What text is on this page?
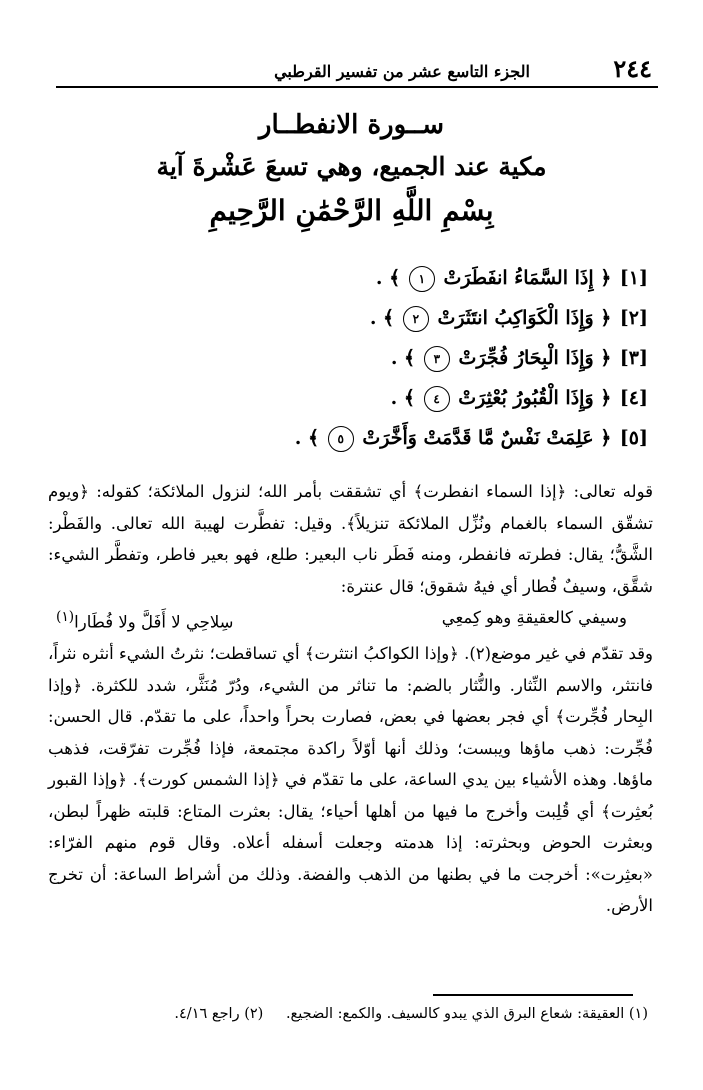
٢٤٤
الجزء التاسع عشر من تفسير القرطبي
ســورة الانفطــار
مكية عند الجميع، وهي تسعَ عَشْرةَ آية
بِسْمِ اللَّهِ الرَّحْمَٰنِ الرَّحِيمِ
[١] ﴿ إِذَا السَّمَاءُ انفَطَرَتْ ١ ﴾ .
[٢] ﴿ وَإِذَا الْكَوَاكِبُ انتَثَرَتْ ٢ ﴾ .
[٣] ﴿ وَإِذَا الْبِحَارُ فُجِّرَتْ ٣ ﴾ .
[٤] ﴿ وَإِذَا الْقُبُورُ بُعْثِرَتْ ٤ ﴾ .
[٥] ﴿ عَلِمَتْ نَفْسٌ مَّا قَدَّمَتْ وَأَخَّرَتْ ٥ ﴾ .

قوله تعالى: ﴿إذا السماء انفطرت﴾ أي تشققت بأمر الله؛ لنزول الملائكة؛ كقوله: ﴿ويوم تشقّق السماء بالغمام ونُزِّل الملائكة تنزيلاً﴾. وقيل: تفطَّرت لهيبة الله تعالى. والفَطْر: الشَّقُّ؛ يقال: فطرته فانفطر، ومنه فَطَر ناب البعير: طلع، فهو بعير فاطر، وتفطَّر الشيء: شقَّق، وسيفٌ فُطار أي فيهُ شقوق؛ قال عنترة:

وسيفي كالعقيقةِ وهو كِمعِي
سِلاحِي لا أَفَلَّ ولا فُطَارا$^{(١)}$

وقد تقدّم في غير موضع(٢). ﴿وإذا الكواكبُ انتثرت﴾ أي تساقطت؛ نثرتُ الشيء أنثره نثراً، فانتثر، والاسم النِّثار. والنُّثار بالضم: ما تناثر من الشيء، ودُرّ مُنَثَّر، شدد للكثرة. ﴿وإذا البِحار فُجِّرت﴾ أي فجر بعضها في بعض، فصارت بحراً واحداً، على ما تقدّم. قال الحسن: فُجِّرت: ذهب ماؤها ويبست؛ وذلك أنها أوّلاً راكدة مجتمعة، فإذا فُجِّرت تفرّقت، فذهب ماؤها. وهذه الأشياء بين يدي الساعة، على ما تقدّم في ﴿إذا الشمس كورت﴾. ﴿وإذا القبور بُعثِرت﴾ أي قُلِبت وأخرج ما فيها من أهلها أحياء؛ يقال: بعثرت المتاع: قلبته ظهراً لبطن، وبعثرت الحوض وبحثرته: إذا هدمته وجعلت أسفله أعلاه. وقال قوم منهم الفرّاء: «بعثِرت»: أخرجت ما في بطنها من الذهب والفضة. وذلك من أشراط الساعة: أن تخرج الأرض.

(١) العقيقة: شعاع البرق الذي يبدو كالسيف. والكمع: الضجيع. (٢) راجع ٤/١٦.
